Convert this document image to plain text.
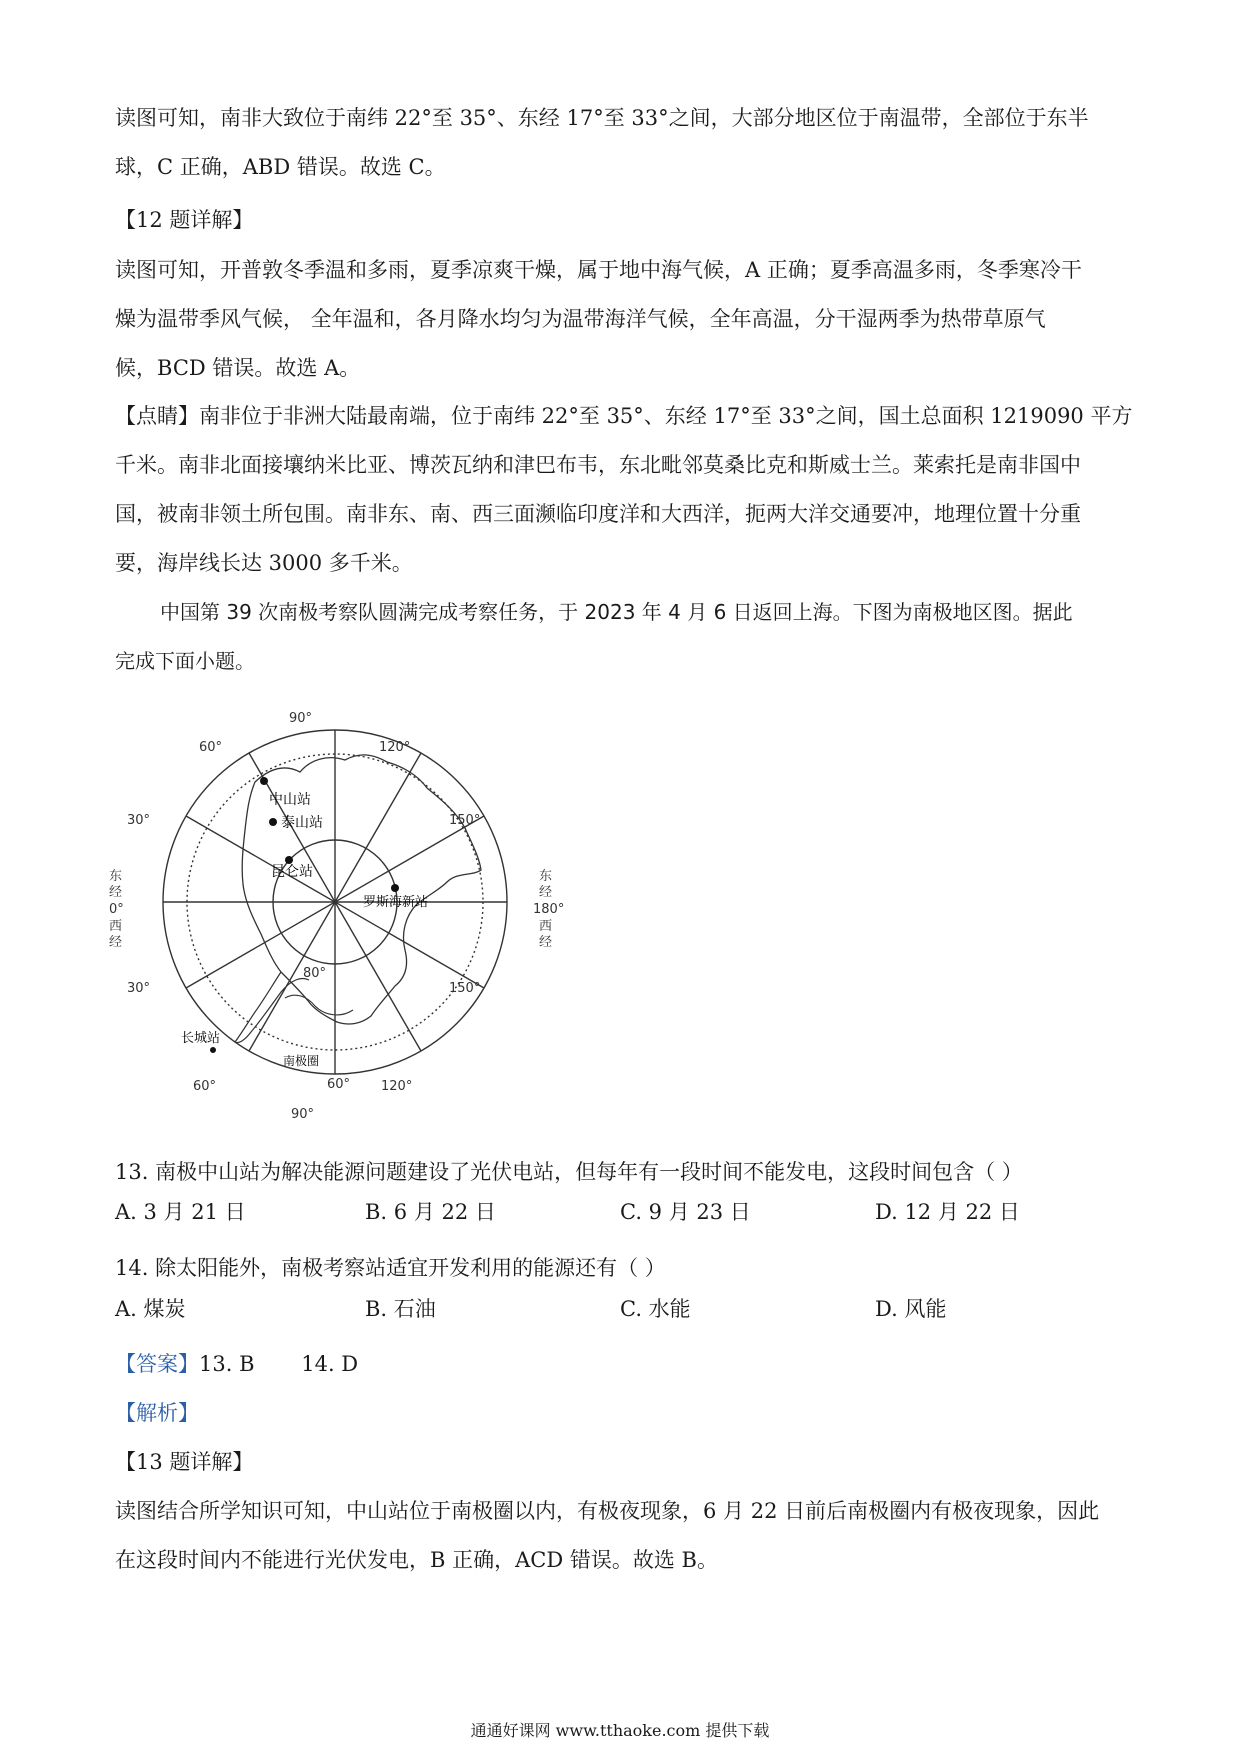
读图可知，南非大致位于南纬 22°至 35°、东经 17°至 33°之间，大部分地区位于南温带，全部位于东半
球，C 正确，ABD 错误。故选 C。
【12 题详解】
读图可知，开普敦冬季温和多雨，夏季凉爽干燥，属于地中海气候，A 正确；夏季高温多雨，冬季寒冷干
燥为温带季风气候， 全年温和，各月降水均匀为温带海洋气候，全年高温，分干湿两季为热带草原气
候，BCD 错误。故选 A。
【点睛】南非位于非洲大陆最南端，位于南纬 22°至 35°、东经 17°至 33°之间，国土总面积 1219090 平方
千米。南非北面接壤纳米比亚、博茨瓦纳和津巴布韦，东北毗邻莫桑比克和斯威士兰。莱索托是南非国中
国，被南非领土所包围。南非东、南、西三面濒临印度洋和大西洋，扼两大洋交通要冲，地理位置十分重
要，海岸线长达 3000 多千米。
中国第 39 次南极考察队圆满完成考察任务，于 2023 年 4 月 6 日返回上海。下图为南极地区图。据此
完成下面小题。
中山站
泰山站
昆仑站
罗斯海新站
长城站
南极圈
90°
60°	120°
30°	150°
30°	150°
60°	120°
90°
60°
80°
东
经
0°
西
经
东
经
180°
西
经
13. 南极中山站为解决能源问题建设了光伏电站，但每年有一段时间不能发电，这段时间包含（ ）
A. 3 月 21 日	B. 6 月 22 日	C. 9 月 23 日	D. 12 月 22 日
14. 除太阳能外，南极考察站适宜开发利用的能源还有（ ）
A. 煤炭	B. 石油	C. 水能	D. 风能
【答案】13. B       14. D
【解析】
【13 题详解】
读图结合所学知识可知，中山站位于南极圈以内，有极夜现象，6 月 22 日前后南极圈内有极夜现象，因此
在这段时间内不能进行光伏发电，B 正确，ACD 错误。故选 B。
通通好课网 www.tthaoke.com 提供下载
